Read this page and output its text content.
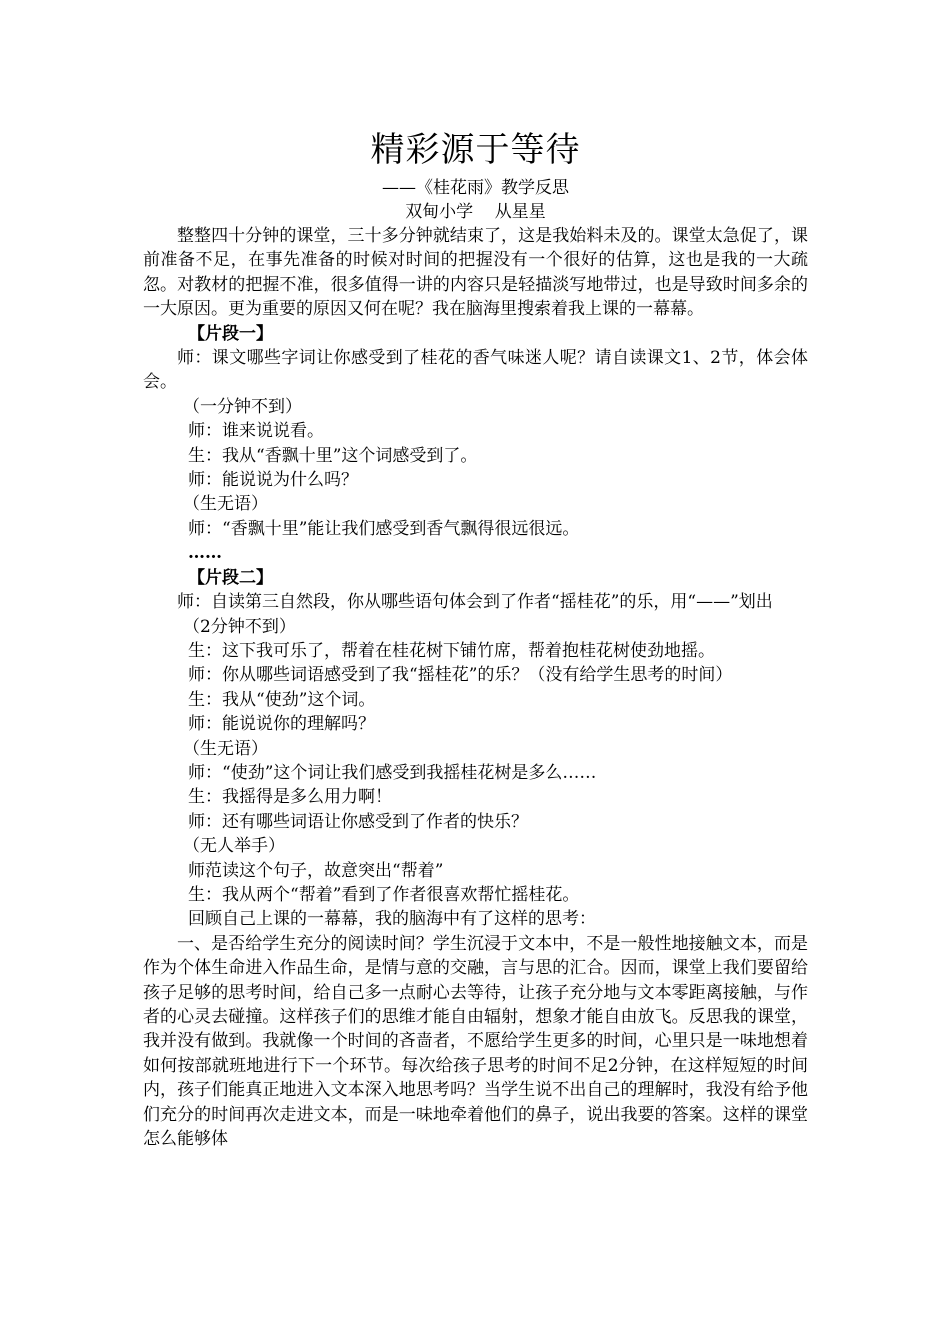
精彩源于等待
——《桂花雨》教学反思
双甸小学    从星星

整整四十分钟的课堂，三十多分钟就结束了，这是我始料未及的。课堂太急促了，课前准备不足，在事先准备的时候对时间的把握没有一个很好的估算，这也是我的一大疏忽。对教材的把握不准，很多值得一讲的内容只是轻描淡写地带过，也是导致时间多余的一大原因。更为重要的原因又何在呢？我在脑海里搜索着我上课的一幕幕。

【片段一】

师：课文哪些字词让你感受到了桂花的香气味迷人呢？请自读课文1、2节，体会体会。

（一分钟不到）

师：谁来说说看。

生：我从“香飘十里”这个词感受到了。

师：能说说为什么吗？

（生无语）

师：“香飘十里”能让我们感受到香气飘得很远很远。

……

【片段二】

师：自读第三自然段，你从哪些语句体会到了作者“摇桂花”的乐，用“——”划出

（2分钟不到）

生：这下我可乐了，帮着在桂花树下铺竹席，帮着抱桂花树使劲地摇。

师：你从哪些词语感受到了我“摇桂花”的乐？（没有给学生思考的时间）

生：我从“使劲”这个词。

师：能说说你的理解吗？

（生无语）

师：“使劲”这个词让我们感受到我摇桂花树是多么……

生：我摇得是多么用力啊！

师：还有哪些词语让你感受到了作者的快乐？

（无人举手）

师范读这个句子，故意突出“帮着”

生：我从两个“帮着”看到了作者很喜欢帮忙摇桂花。

回顾自己上课的一幕幕，我的脑海中有了这样的思考：

一、是否给学生充分的阅读时间？学生沉浸于文本中，不是一般性地接触文本，而是作为个体生命进入作品生命，是情与意的交融，言与思的汇合。因而，课堂上我们要留给孩子足够的思考时间，给自己多一点耐心去等待，让孩子充分地与文本零距离接触，与作者的心灵去碰撞。这样孩子们的思维才能自由辐射，想象才能自由放飞。反思我的课堂，我并没有做到。我就像一个时间的吝啬者，不愿给学生更多的时间，心里只是一味地想着如何按部就班地进行下一个环节。每次给孩子思考的时间不足2分钟，在这样短短的时间内，孩子们能真正地进入文本深入地思考吗？当学生说不出自己的理解时，我没有给予他们充分的时间再次走进文本，而是一味地牵着他们的鼻子，说出我要的答案。这样的课堂怎么能够体
